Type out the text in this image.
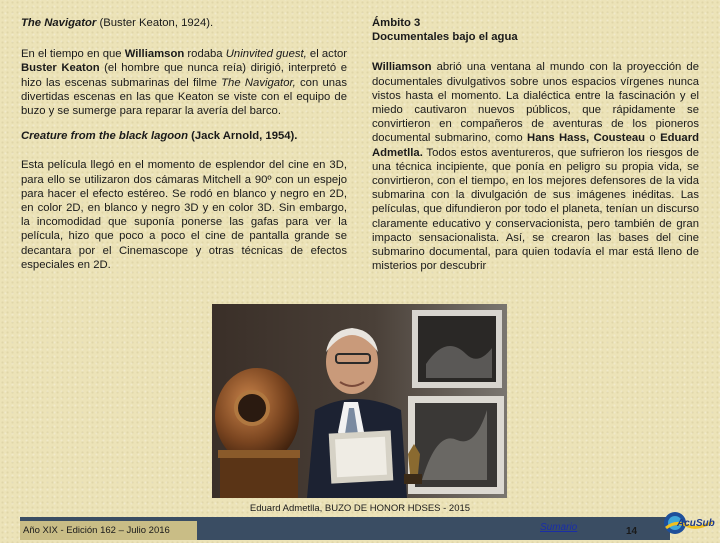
The Navigator (Buster Keaton, 1924).

En el tiempo en que Williamson rodaba Uninvited guest, el actor Buster Keaton (el hombre que nunca reía) dirigió, interpretó e hizo las escenas submarinas del filme The Navigator, con unas divertidas escenas en las que Keaton se viste con el equipo de buzo y se sumerge para reparar la avería del barco.

Creature from the black lagoon (Jack Arnold, 1954).

Esta película llegó en el momento de esplendor del cine en 3D, para ello se utilizaron dos cámaras Mitchell a 90º con un espejo para hacer el efecto estéreo. Se rodó en blanco y negro en 2D, en color 2D, en blanco y negro 3D y en color 3D. Sin embargo, la incomodidad que suponía ponerse las gafas para ver la película, hizo que poco a poco el cine de pantalla grande se decantara por el Cinemascope y otras técnicas de efectos especiales en 2D.

Ámbito 3

Documentales bajo el agua

Williamson abrió una ventana al mundo con la proyección de documentales divulgativos sobre unos espacios vírgenes nunca vistos hasta el momento. La dialéctica entre la fascinación y el miedo cautivaron nuevos públicos, que rápidamente se convirtieron en compañeros de aventuras de los pioneros documental submarino, como Hans Hass, Cousteau o Eduard Admetlla. Todos estos aventureros, que sufrieron los riesgos de una técnica incipiente, que ponía en peligro su propia vida, se convirtieron, con el tiempo, en los mejores defensores de la vida submarina con la divulgación de sus imágenes inéditas. Las películas, que difundieron por todo el planeta, tenían un discurso claramente educativo y conservacionista, pero también de gran impacto sensacionalista. Así, se crearon las bases del cine submarino documental, para quien todavía el mar está lleno de misterios por descubrir

Eduard Admetlla, BUZO DE HONOR HDSES - 2015
Año XIX - Edición 162 – Julio 2016	Sumario	14
AcuSub
